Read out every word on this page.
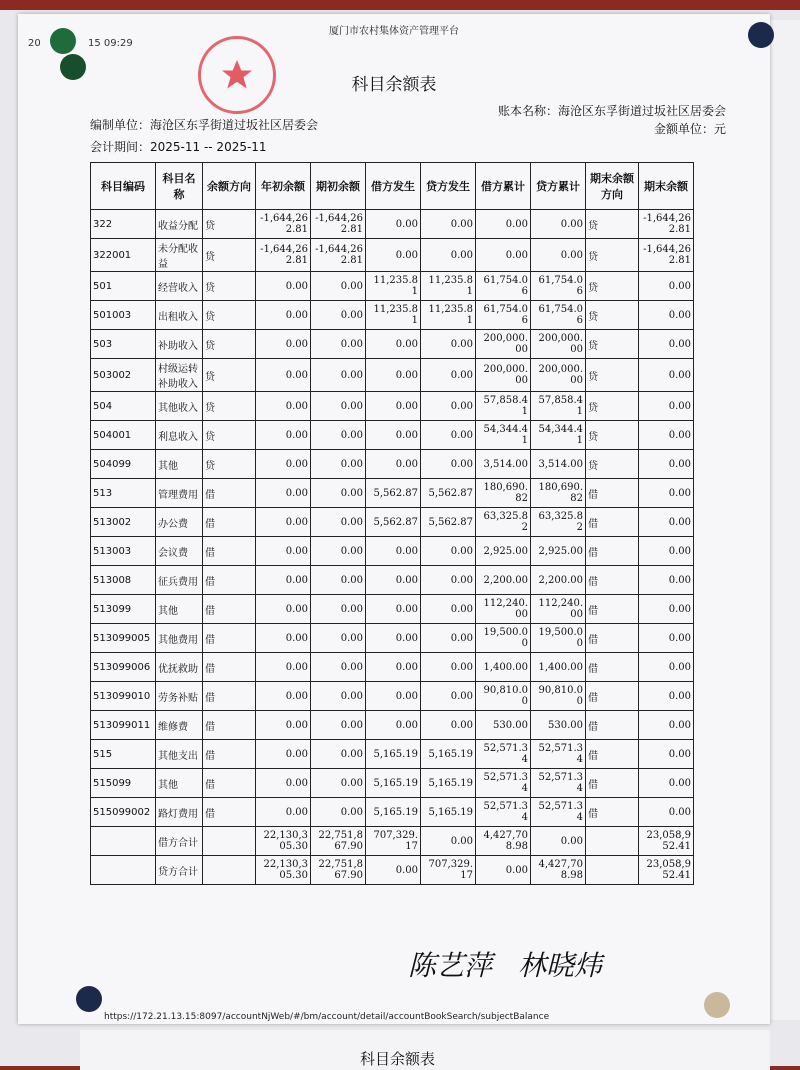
科目余额表
20	15 09:29
厦门市农村集体资产管理平台
科目余额表
账本名称：海沧区东孚街道过坂社区居委会
编制单位：海沧区东孚街道过坂社区居委会	金额单位：元
会计期间：2025-11 -- 2025-11
科目编码	科目名称	余额方向	年初余额	期初余额	借方发生	贷方发生	借方累计	贷方累计	期末余额方向	期末余额
322	收益分配	贷	-1,644,262.81	-1,644,262.81	0.00	0.00	0.00	0.00	贷	-1,644,262.81
322001	未分配收益	贷	-1,644,262.81	-1,644,262.81	0.00	0.00	0.00	0.00	贷	-1,644,262.81
501	经营收入	贷	0.00	0.00	11,235.81	11,235.81	61,754.06	61,754.06	贷	0.00
501003	出租收入	贷	0.00	0.00	11,235.81	11,235.81	61,754.06	61,754.06	贷	0.00
503	补助收入	贷	0.00	0.00	0.00	0.00	200,000.00	200,000.00	贷	0.00
503002	村级运转补助收入	贷	0.00	0.00	0.00	0.00	200,000.00	200,000.00	贷	0.00
504	其他收入	贷	0.00	0.00	0.00	0.00	57,858.41	57,858.41	贷	0.00
504001	利息收入	贷	0.00	0.00	0.00	0.00	54,344.41	54,344.41	贷	0.00
504099	其他	贷	0.00	0.00	0.00	0.00	3,514.00	3,514.00	贷	0.00
513	管理费用	借	0.00	0.00	5,562.87	5,562.87	180,690.82	180,690.82	借	0.00
513002	办公费	借	0.00	0.00	5,562.87	5,562.87	63,325.82	63,325.82	借	0.00
513003	会议费	借	0.00	0.00	0.00	0.00	2,925.00	2,925.00	借	0.00
513008	征兵费用	借	0.00	0.00	0.00	0.00	2,200.00	2,200.00	借	0.00
513099	其他	借	0.00	0.00	0.00	0.00	112,240.00	112,240.00	借	0.00
513099005	其他费用	借	0.00	0.00	0.00	0.00	19,500.00	19,500.00	借	0.00
513099006	优抚救助	借	0.00	0.00	0.00	0.00	1,400.00	1,400.00	借	0.00
513099010	劳务补贴	借	0.00	0.00	0.00	0.00	90,810.00	90,810.00	借	0.00
513099011	维修费	借	0.00	0.00	0.00	0.00	530.00	530.00	借	0.00
515	其他支出	借	0.00	0.00	5,165.19	5,165.19	52,571.34	52,571.34	借	0.00
515099	其他	借	0.00	0.00	5,165.19	5,165.19	52,571.34	52,571.34	借	0.00
515099002	路灯费用	借	0.00	0.00	5,165.19	5,165.19	52,571.34	52,571.34	借	0.00
	借方合计		22,130,305.30	22,751,867.90	707,329.17	0.00	4,427,708.98	0.00		23,058,952.41
	贷方合计		22,130,305.30	22,751,867.90	0.00	707,329.17	0.00	4,427,708.98		23,058,952.41
陈艺萍 林晓炜
https://172.21.13.15:8097/accountNjWeb/#/bm/account/detail/accountBookSearch/subjectBalance
